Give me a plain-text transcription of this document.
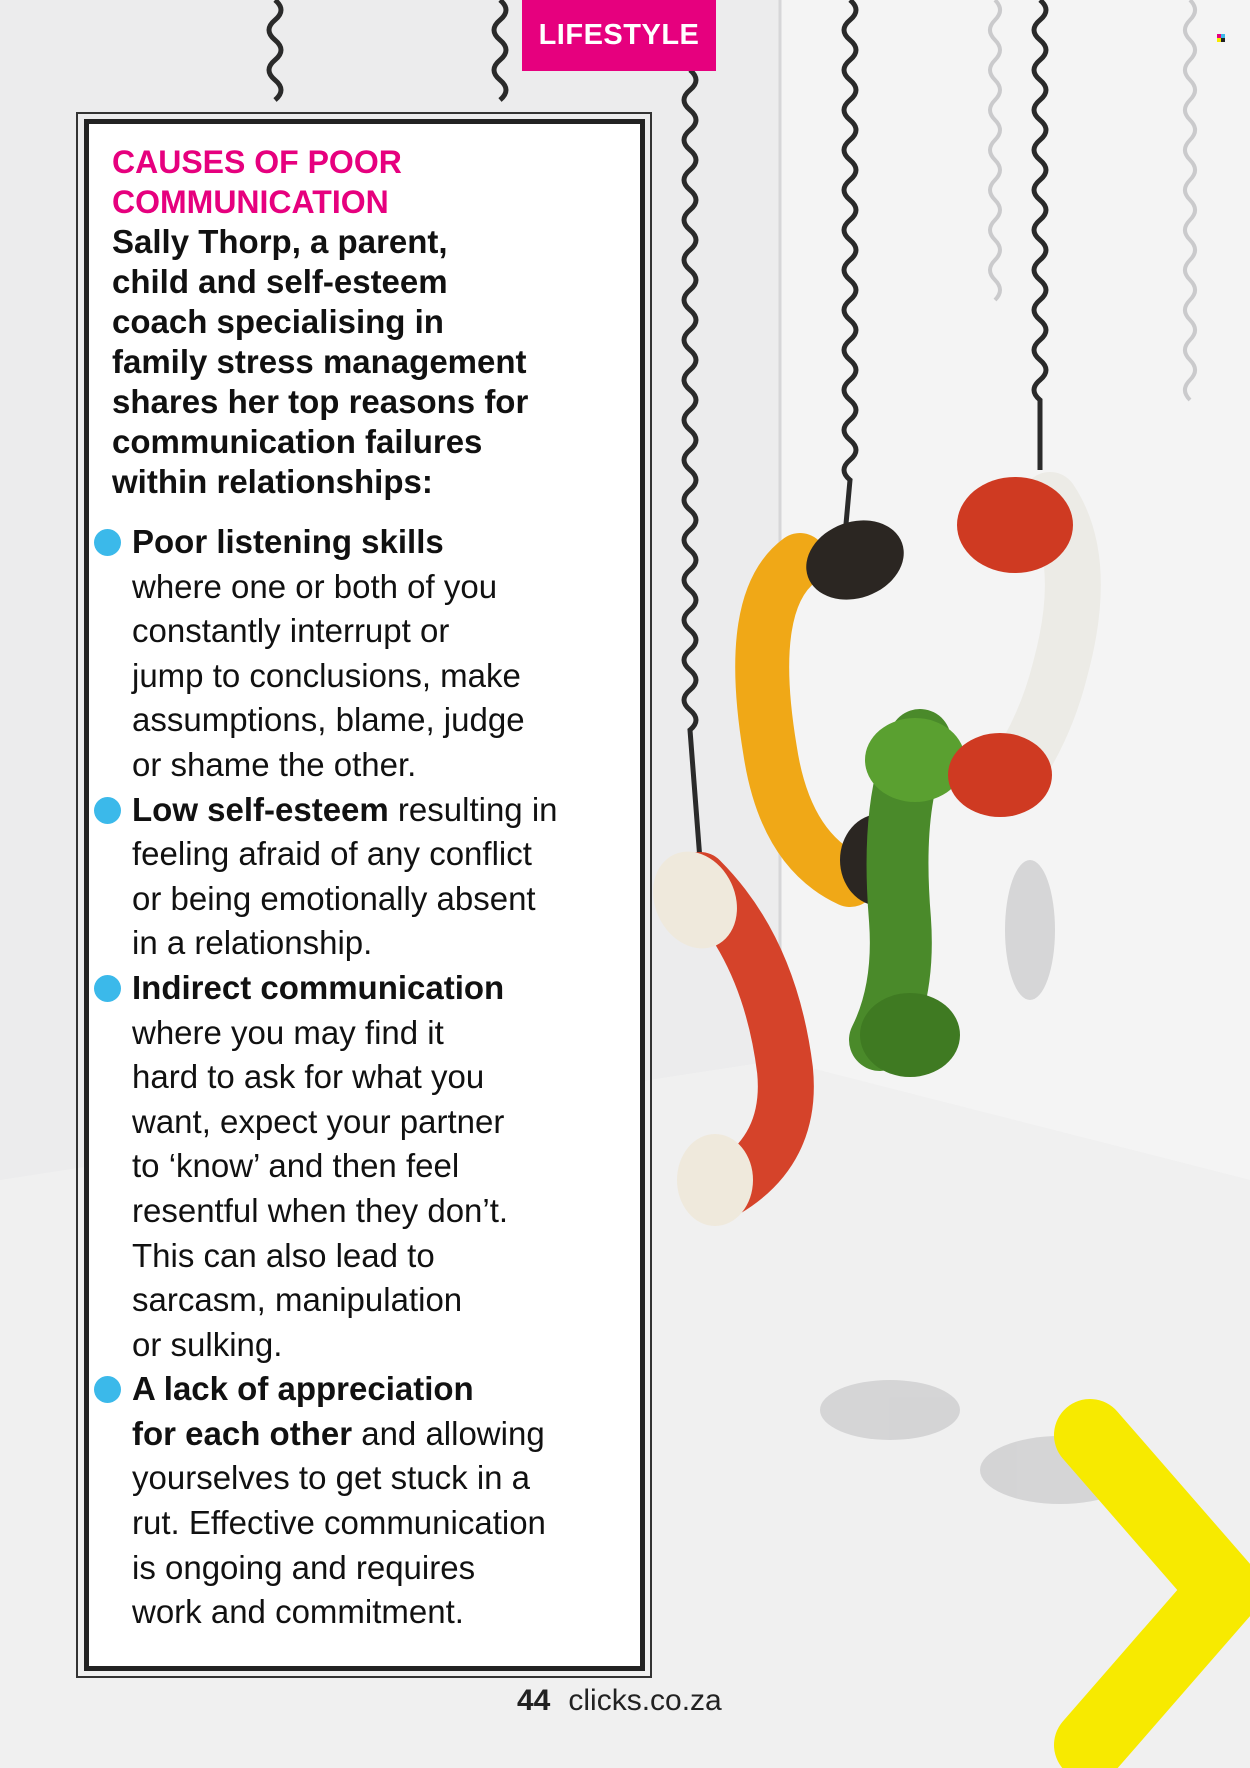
LIFESTYLE
CAUSES OF POOR
COMMUNICATION
Sally Thorp, a parent,
child and self-esteem
coach specialising in
family stress management
shares her top reasons for
communication failures
within relationships:
Poor listening skills
where one or both of you
constantly interrupt or
jump to conclusions, make
assumptions, blame, judge
or shame the other.
Low self-esteem resulting in
feeling afraid of any conflict
or being emotionally absent
in a relationship.
Indirect communication
where you may find it
hard to ask for what you
want, expect your partner
to ‘know’ and then feel
resentful when they don’t.
This can also lead to
sarcasm, manipulation
or sulking.
A lack of appreciation
for each other and allowing
yourselves to get stuck in a
rut. Effective communication
is ongoing and requires
work and commitment.
44 clicks.co.za
